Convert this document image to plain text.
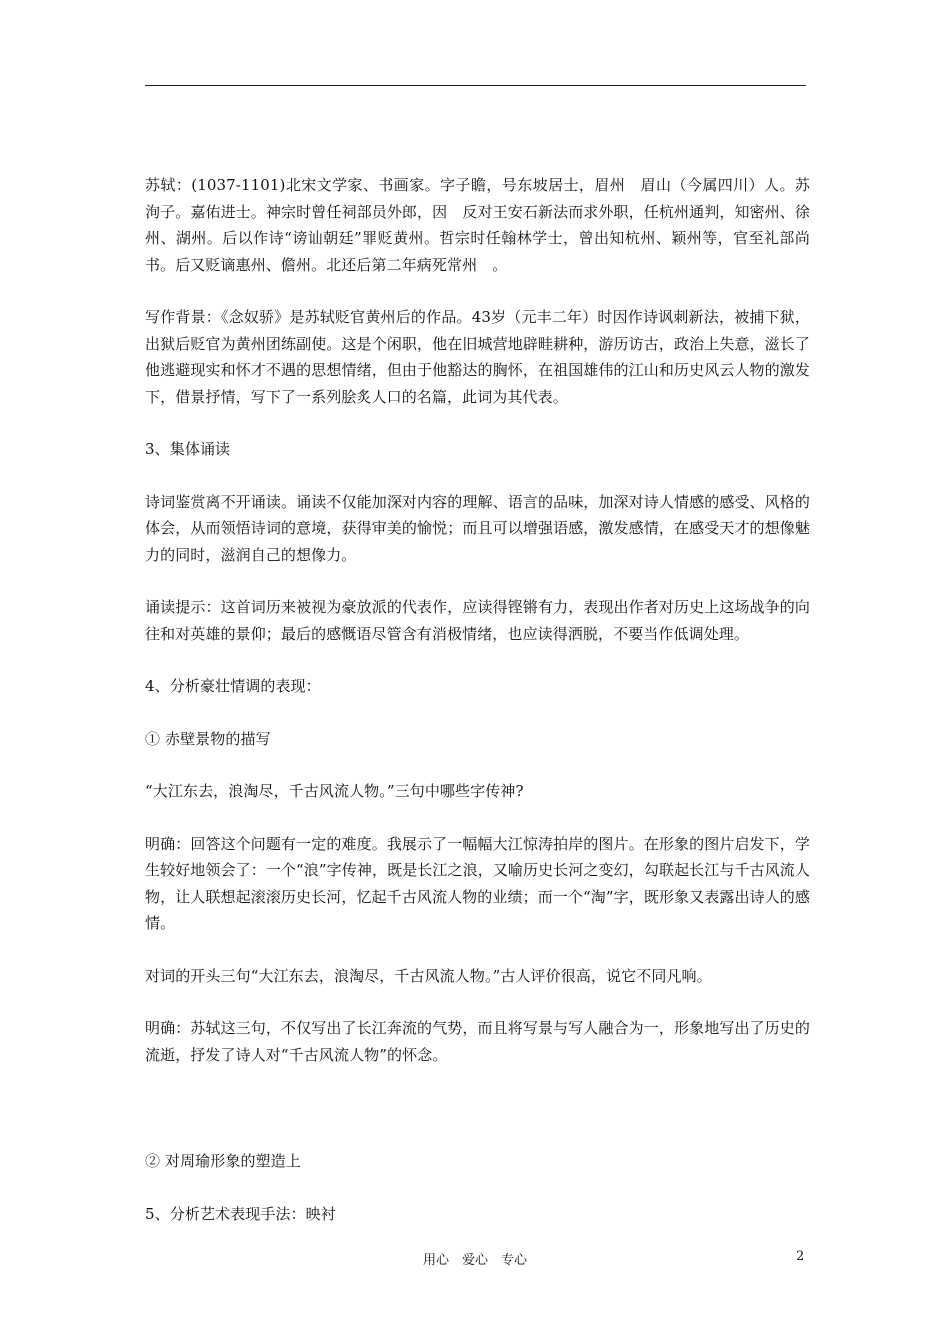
苏轼：(1037-1101)北宋文学家、书画家。字子瞻，号东坡居士，眉州　眉山（今属四川）人。苏洵子。嘉佑进士。神宗时曾任祠部员外郎，因　反对王安石新法而求外职，任杭州通判，知密州、徐州、湖州。后以作诗“谤讪朝廷”罪贬黄州。哲宗时任翰林学士，曾出知杭州、颖州等，官至礼部尚书。后又贬谪惠州、儋州。北还后第二年病死常州　。

写作背景：《念奴骄》是苏轼贬官黄州后的作品。43岁（元丰二年）时因作诗讽刺新法，被捕下狱，出狱后贬官为黄州团练副使。这是个闲职，他在旧城营地辟畦耕种，游历访古，政治上失意，滋长了他逃避现实和怀才不遇的思想情绪，但由于他豁达的胸怀，在祖国雄伟的江山和历史风云人物的激发下，借景抒情，写下了一系列脍炙人口的名篇，此词为其代表。

3、集体诵读

诗词鉴赏离不开诵读。诵读不仅能加深对内容的理解、语言的品味，加深对诗人情感的感受、风格的体会，从而领悟诗词的意境，获得审美的愉悦；而且可以增强语感，激发感情，在感受天才的想像魅力的同时，滋润自己的想像力。

诵读提示：这首词历来被视为豪放派的代表作，应读得铿锵有力，表现出作者对历史上这场战争的向往和对英雄的景仰；最后的感慨语尽管含有消极情绪，也应读得洒脱，不要当作低调处理。

4、分析豪壮情调的表现：

① 赤壁景物的描写

“大江东去，浪淘尽，千古风流人物。”三句中哪些字传神?

明确：回答这个问题有一定的难度。我展示了一幅幅大江惊涛拍岸的图片。在形象的图片启发下，学生较好地领会了：一个“浪”字传神，既是长江之浪，又喻历史长河之变幻，勾联起长江与千古风流人物，让人联想起滚滚历史长河，忆起千古风流人物的业绩；而一个“淘”字，既形象又表露出诗人的感情。

对词的开头三句“大江东去，浪淘尽，千古风流人物。”古人评价很高，说它不同凡响。

明确：苏轼这三句，不仅写出了长江奔流的气势，而且将写景与写人融合为一，形象地写出了历史的流逝，抒发了诗人对“千古风流人物”的怀念。

② 对周瑜形象的塑造上

5、分析艺术表现手法：映衬

用心　爱心　专心	2
